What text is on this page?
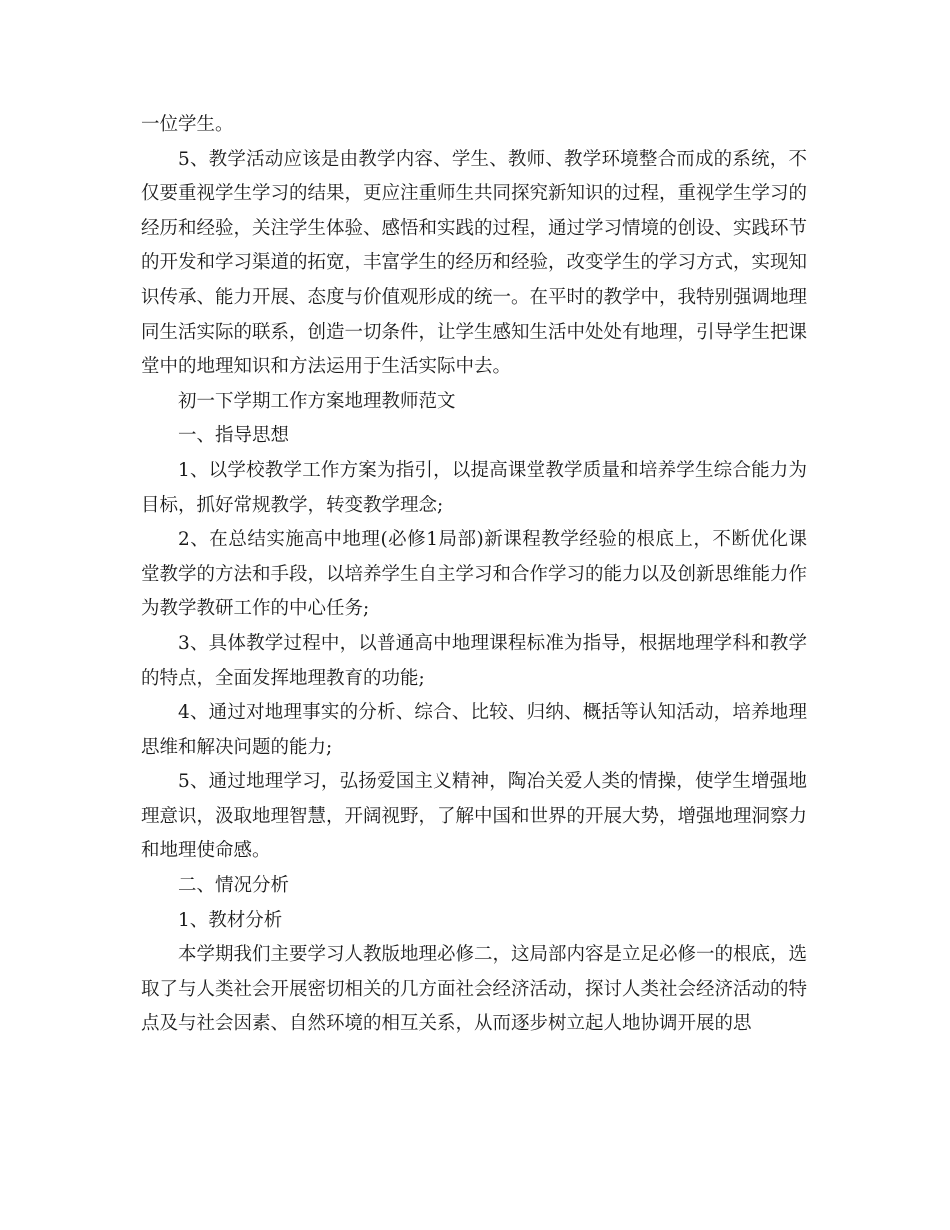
一位学生。

5、教学活动应该是由教学内容、学生、教师、教学环境整合而成的系统，不仅要重视学生学习的结果，更应注重师生共同探究新知识的过程，重视学生学习的经历和经验，关注学生体验、感悟和实践的过程，通过学习情境的创设、实践环节的开发和学习渠道的拓宽，丰富学生的经历和经验，改变学生的学习方式，实现知识传承、能力开展、态度与价值观形成的统一。在平时的教学中，我特别强调地理同生活实际的联系，创造一切条件，让学生感知生活中处处有地理，引导学生把课堂中的地理知识和方法运用于生活实际中去。

初一下学期工作方案地理教师范文

一、指导思想

1、以学校教学工作方案为指引，以提高课堂教学质量和培养学生综合能力为目标，抓好常规教学，转变教学理念;

2、在总结实施高中地理(必修1局部)新课程教学经验的根底上，不断优化课堂教学的方法和手段，以培养学生自主学习和合作学习的能力以及创新思维能力作为教学教研工作的中心任务;

3、具体教学过程中，以普通高中地理课程标准为指导，根据地理学科和教学的特点，全面发挥地理教育的功能;

4、通过对地理事实的分析、综合、比较、归纳、概括等认知活动，培养地理思维和解决问题的能力;

5、通过地理学习，弘扬爱国主义精神，陶冶关爱人类的情操，使学生增强地理意识，汲取地理智慧，开阔视野，了解中国和世界的开展大势，增强地理洞察力和地理使命感。

二、情况分析

1、教材分析

本学期我们主要学习人教版地理必修二，这局部内容是立足必修一的根底，选取了与人类社会开展密切相关的几方面社会经济活动，探讨人类社会经济活动的特点及与社会因素、自然环境的相互关系，从而逐步树立起人地协调开展的思
